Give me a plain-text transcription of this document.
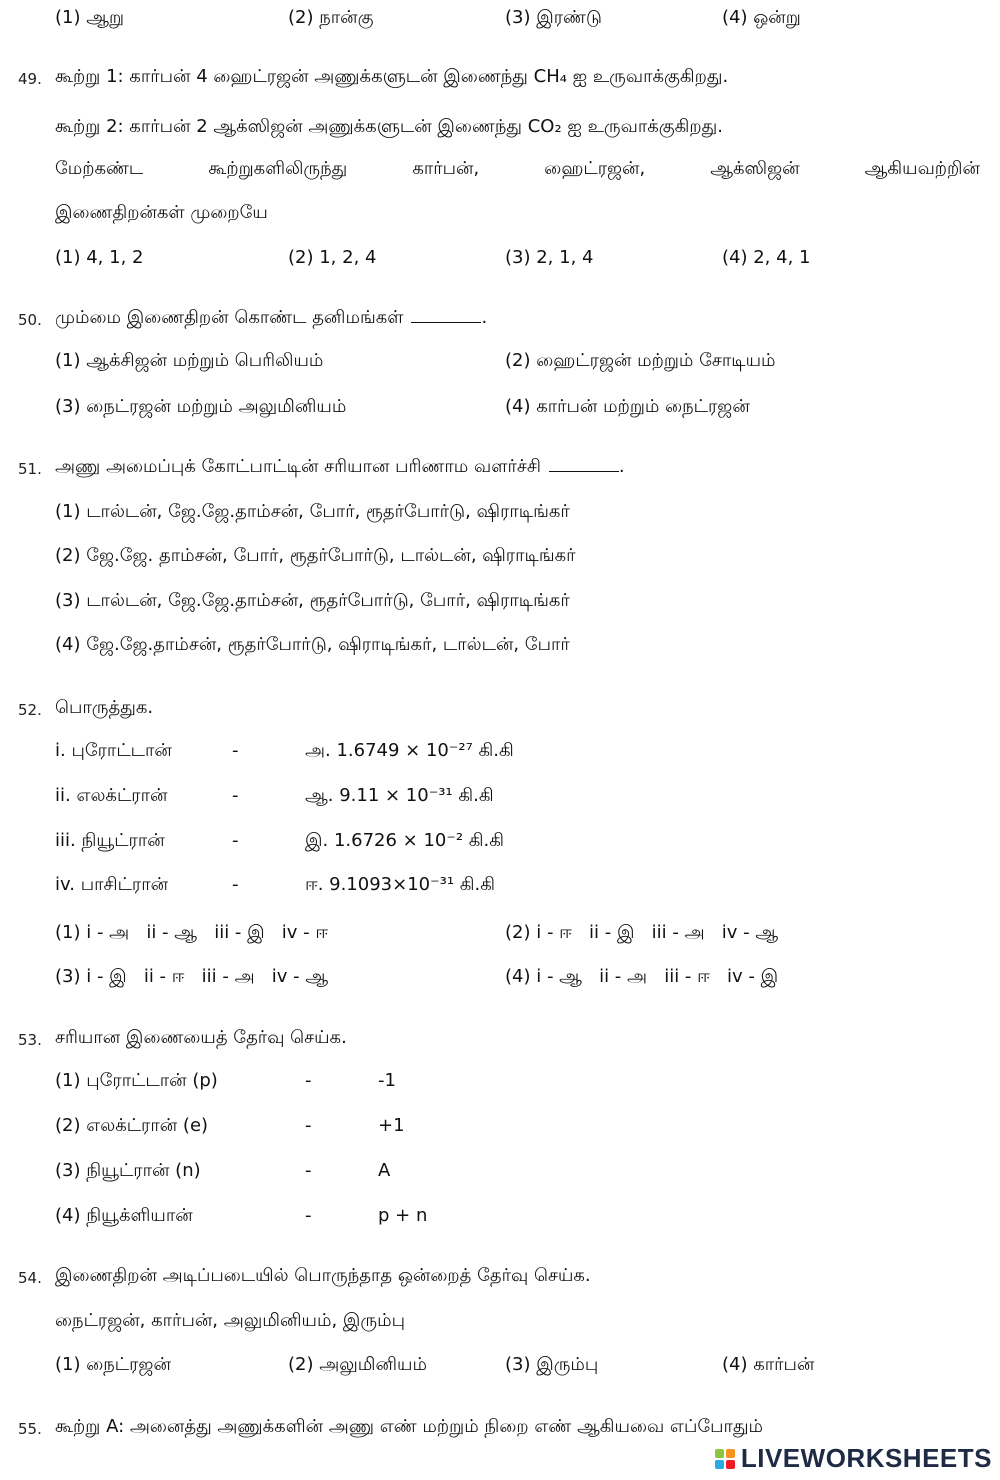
(1) ஆறு	(2) நான்கு	(3) இரண்டு	(4) ஒன்று
49. கூற்று 1: கார்பன் 4 ஹைட்ரஜன் அணுக்களுடன் இணைந்து CH₄ ஐ உருவாக்குகிறது.
கூற்று 2: கார்பன் 2 ஆக்ஸிஜன் அணுக்களுடன் இணைந்து CO₂ ஐ உருவாக்குகிறது.
மேற்கண்ட கூற்றுகளிலிருந்து கார்பன், ஹைட்ரஜன், ஆக்ஸிஜன் ஆகியவற்றின்
இணைதிறன்கள் முறையே
(1) 4, 1, 2	(2) 1, 2, 4	(3) 2, 1, 4	(4) 2, 4, 1
50. மும்மை இணைதிறன் கொண்ட தனிமங்கள்	.
(1) ஆக்சிஜன் மற்றும் பெரிலியம்	(2) ஹைட்ரஜன் மற்றும் சோடியம்
(3) நைட்ரஜன் மற்றும் அலுமினியம்	(4) கார்பன் மற்றும் நைட்ரஜன்
51. அணு அமைப்புக் கோட்பாட்டின் சரியான பரிணாம வளர்ச்சி	.
(1) டால்டன், ஜே.ஜே.தாம்சன், போர், ரூதர்போர்டு, ஷிராடிங்கர்
(2) ஜே.ஜே. தாம்சன், போர், ரூதர்போர்டு, டால்டன், ஷிராடிங்கர்
(3) டால்டன், ஜே.ஜே.தாம்சன், ரூதர்போர்டு, போர், ஷிராடிங்கர்
(4) ஜே.ஜே.தாம்சன், ரூதர்போர்டு, ஷிராடிங்கர், டால்டன், போர்
52. பொருத்துக.
i. புரோட்டான்	-	அ. 1.6749 × 10⁻²⁷ கி.கி
ii. எலக்ட்ரான்	-	ஆ. 9.11 × 10⁻³¹ கி.கி
iii. நியூட்ரான்	-	இ. 1.6726 × 10⁻² கி.கி
iv. பாசிட்ரான்	-	ஈ. 9.1093×10⁻³¹ கி.கி
(1) i - அ   ii - ஆ   iii - இ   iv - ஈ	(2) i - ஈ   ii - இ   iii - அ   iv - ஆ
(3) i - இ   ii - ஈ   iii - அ   iv - ஆ	(4) i - ஆ   ii - அ   iii - ஈ   iv - இ
53. சரியான இணையைத் தேர்வு செய்க.
(1) புரோட்டான் (p)	-	-1
(2) எலக்ட்ரான் (e)	-	+1
(3) நியூட்ரான் (n)	-	A
(4) நியூக்ளியான்	-	p + n
54. இணைதிறன் அடிப்படையில் பொருந்தாத ஒன்றைத் தேர்வு செய்க.
நைட்ரஜன், கார்பன், அலுமினியம், இரும்பு
(1) நைட்ரஜன்	(2) அலுமினியம்	(3) இரும்பு	(4) கார்பன்
55. கூற்று A: அனைத்து அணுக்களின் அணு எண் மற்றும் நிறை எண் ஆகியவை எப்போதும்
LIVEWORKSHEETS
